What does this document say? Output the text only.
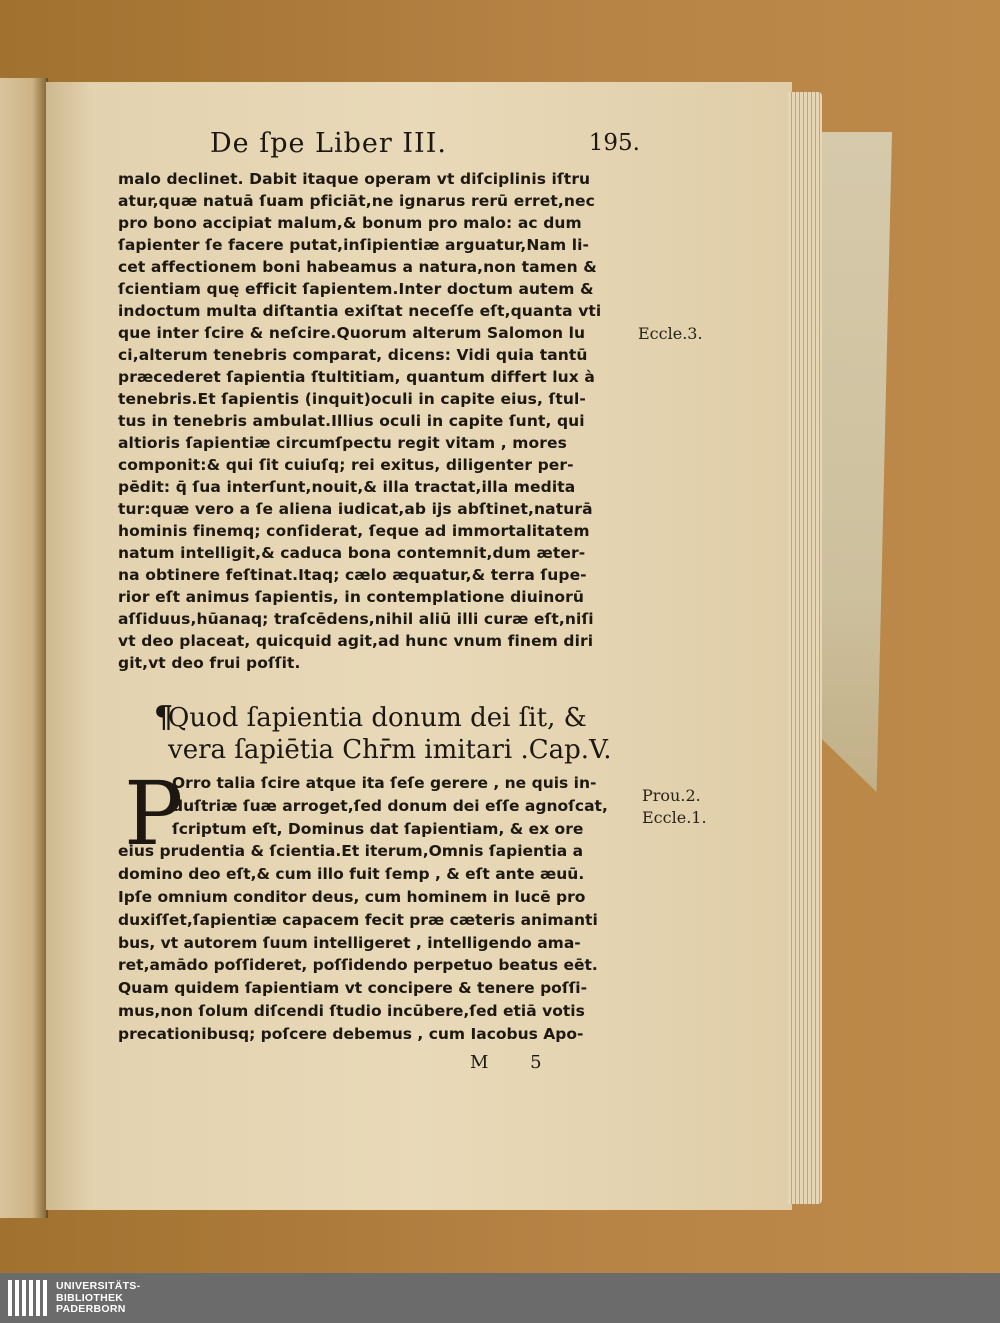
De ſpe Liber III.	195.
malo declinet. Dabit itaque operam vt diſciplinis iſtru
atur,quæ natuā ſuam pficiāt,ne ignarus rerū erret,nec
pro bono accipiat malum,& bonum pro malo: ac dum
ſapienter ſe facere putat,inſipientiæ arguatur,Nam li-
cet affectionem boni habeamus a natura,non tamen &
ſcientiam quę efficit ſapientem.Inter doctum autem &
indoctum multa diſtantia exiſtat neceſſe eſt,quanta vti
que inter ſcire & neſcire.Quorum alterum Salomon lu
ci,alterum tenebris comparat, dicens: Vidi quia tantū
præcederet ſapientia ſtultitiam, quantum differt lux à
tenebris.Et ſapientis (inquit)oculi in capite eius, ſtul-
tus in tenebris ambulat.Illius oculi in capite ſunt, qui
altioris ſapientiæ circumſpectu regit vitam , mores
componit:& qui ſit cuiuſq; rei exitus, diligenter per-
pēdit: q̄ ſua interſunt,nouit,& illa tractat,illa medita
tur:quæ vero a ſe aliena iudicat,ab ijs abſtinet,naturā
hominis finemq; conſiderat, ſeque ad immortalitatem
natum intelligit,& caduca bona contemnit,dum æter-
na obtinere feſtinat.Itaq; cælo æquatur,& terra ſupe-
rior eſt animus ſapientis, in contemplatione diuinorū
aſſiduus,hūanaq; traſcēdens,nihil aliū illi curæ eſt,niſi
vt deo placeat, quicquid agit,ad hunc vnum finem diri
git,vt deo frui poſſit.
¶
Quod ſapientia donum dei ſit, &
vera ſapiētia Chr̄m imitari .Cap.V.
P
Orro talia ſcire atque ita ſeſe gerere , ne quis in-
duſtriæ ſuæ arroget,ſed donum dei eſſe agnoſcat,
ſcriptum eſt, Dominus dat ſapientiam, & ex ore
eius prudentia & ſcientia.Et iterum,Omnis ſapientia a
domino deo eſt,& cum illo fuit ſemp , & eſt ante æuū.
Ipſe omnium conditor deus, cum hominem in lucē pro
duxiſſet,ſapientiæ capacem fecit præ cæteris animanti
bus, vt autorem ſuum intelligeret , intelligendo ama-
ret,amādo poſſideret, poſſidendo perpetuo beatus eēt.
Quam quidem ſapientiam vt concipere & tenere poſſi-
mus,non ſolum diſcendi ſtudio incūbere,ſed etiā votis
precationibusq; poſcere debemus , cum Iacobus Apo-
M 5
Eccle.3.
Prou.2.
Eccle.1.
UNIVERSITÄTS-
BIBLIOTHEK
PADERBORN
